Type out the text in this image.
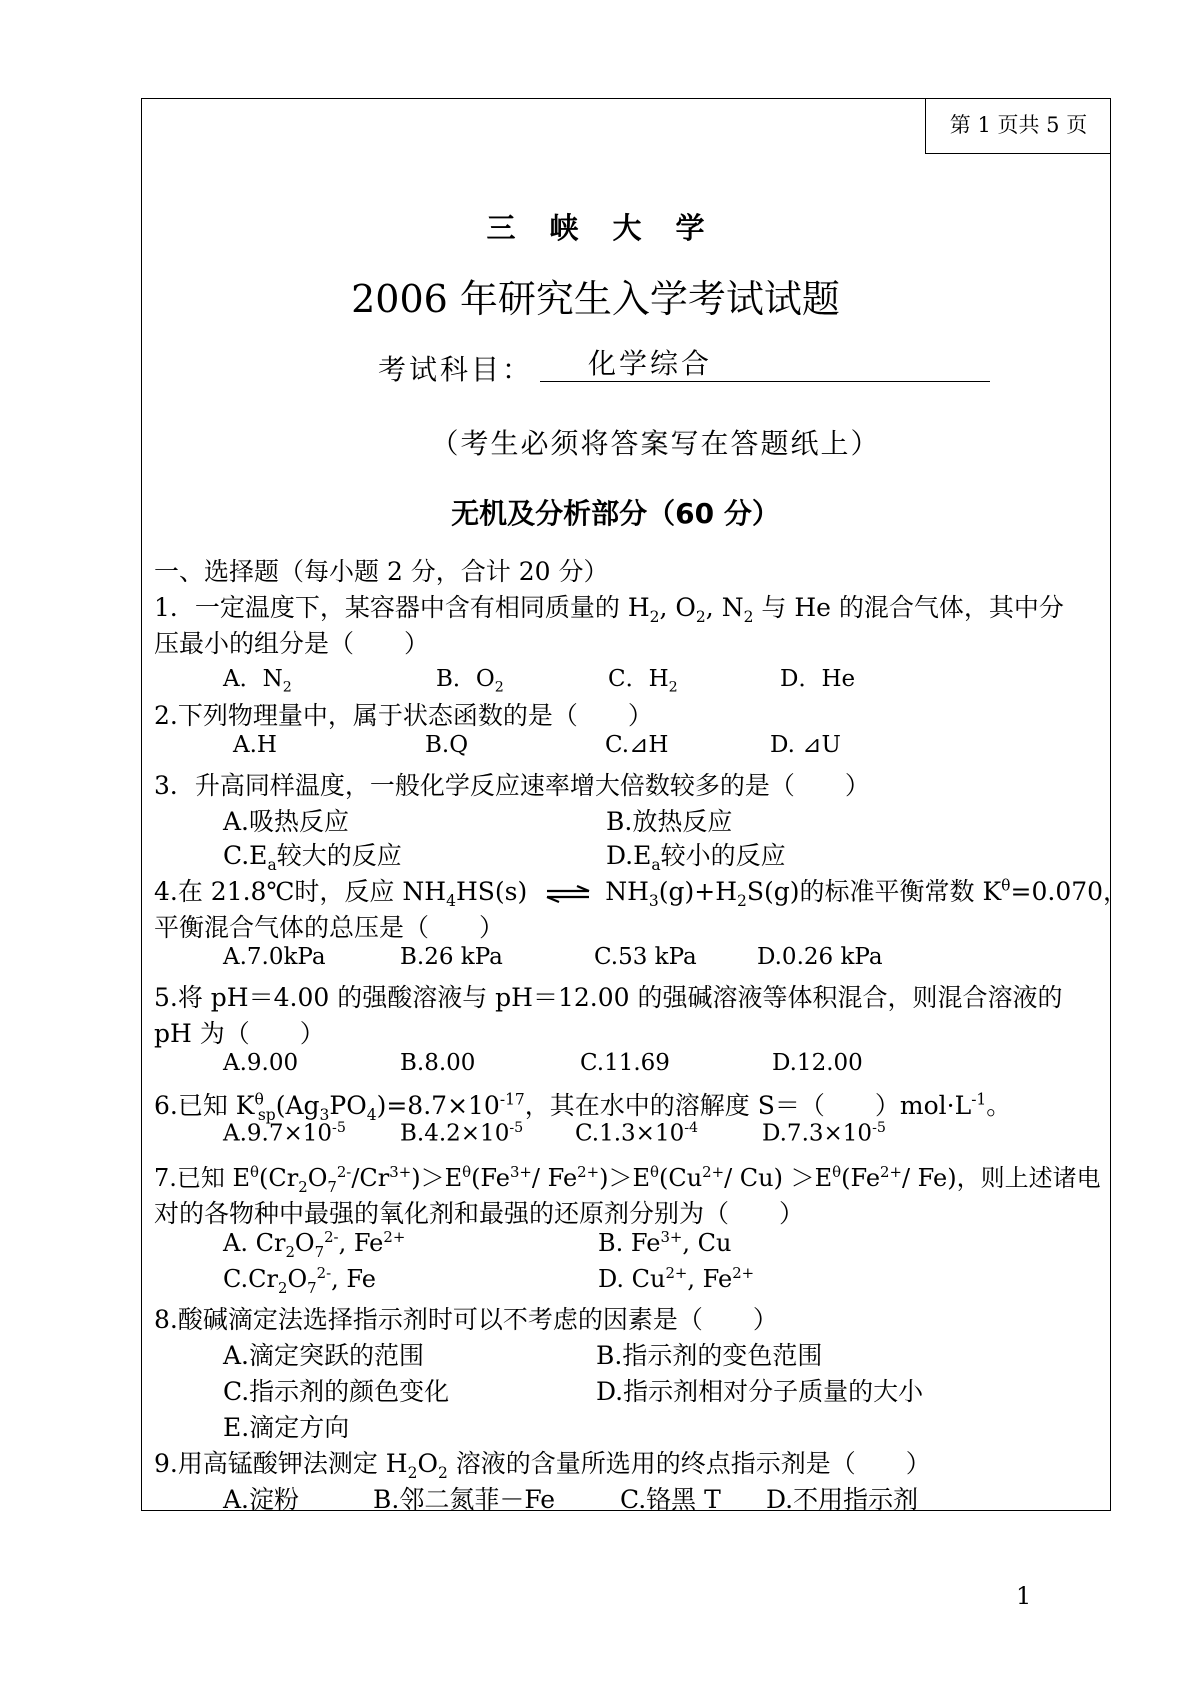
第 1 页共 5 页
三峡大学
2006 年研究生入学考试试题
考试科目：	化学综合
（考生必须将答案写在答题纸上）
无机及分析部分（60 分）
一、选择题（每小题 2 分，合计 20 分）
1．一定温度下，某容器中含有相同质量的 $H_2$, $O_2$, $N_2$ 与 He 的混合气体，其中分
压最小的组分是（　　）
A．$N_2$	B．$O_2$	C．$H_2$	D．He
2.下列物理量中，属于状态函数的是（　　）
A.H	B.Q	C.⊿H	D. ⊿U
3．升高同样温度，一般化学反应速率增大倍数较多的是（　　）
A.吸热反应	B.放热反应
$C.E_a$较大的反应	$D.E_a$较小的反应
4.在 21.8℃时，反应 $NH_4HS(s)$ ⇌ $NH_3(g)+H_2S(g)$的标准平衡常数 $K^\theta=0.070$，
平衡混合气体的总压是（　　）
A.7.0kPa	B.26 kPa	C.53 kPa	D.0.26 kPa
5.将 pH＝4.00 的强酸溶液与 pH＝12.00 的强碱溶液等体积混合，则混合溶液的
pH 为（　　）
A.9.00	B.8.00	C.11.69	D.12.00
6.已知 $K^\theta_{sp}(Ag_3PO_4)=8.7\times 10^{-17}$，其在水中的溶解度 S＝（　　）$mol\cdot L^{-1}$。
$A.9.7\times 10^{-5}$ $B.4.2\times 10^{-5}$ $C.1.3\times 10^{-4}$	$D.7.3\times 10^{-5}$
7.已知 $E^\theta(Cr_2O_7^{2-}/Cr^{3+})>E^\theta(Fe^{3+}/$ $Fe^{2+})>E^\theta(Cu^{2+}/$ $Cu) >E^\theta(Fe^{2+}/$ Fe)，则上述诸电
对的各物种中最强的氧化剂和最强的还原剂分别为（　　）
A. $Cr_2O_7^{2-}$, $Fe^{2+}$	B. $Fe^{3+}$, Cu
$C.Cr_2O_7^{2-}$, Fe	D. $Cu^{2+}$, $Fe^{2+}$
8.酸碱滴定法选择指示剂时可以不考虑的因素是（　　）
A.滴定突跃的范围	B.指示剂的变色范围
C.指示剂的颜色变化	D.指示剂相对分子质量的大小
E.滴定方向
9.用高锰酸钾法测定 $H_2O_2$ 溶液的含量所选用的终点指示剂是（　　）
A.淀粉	B.邻二氮菲－Fe	C.铬黑 T D.不用指示剂
1
